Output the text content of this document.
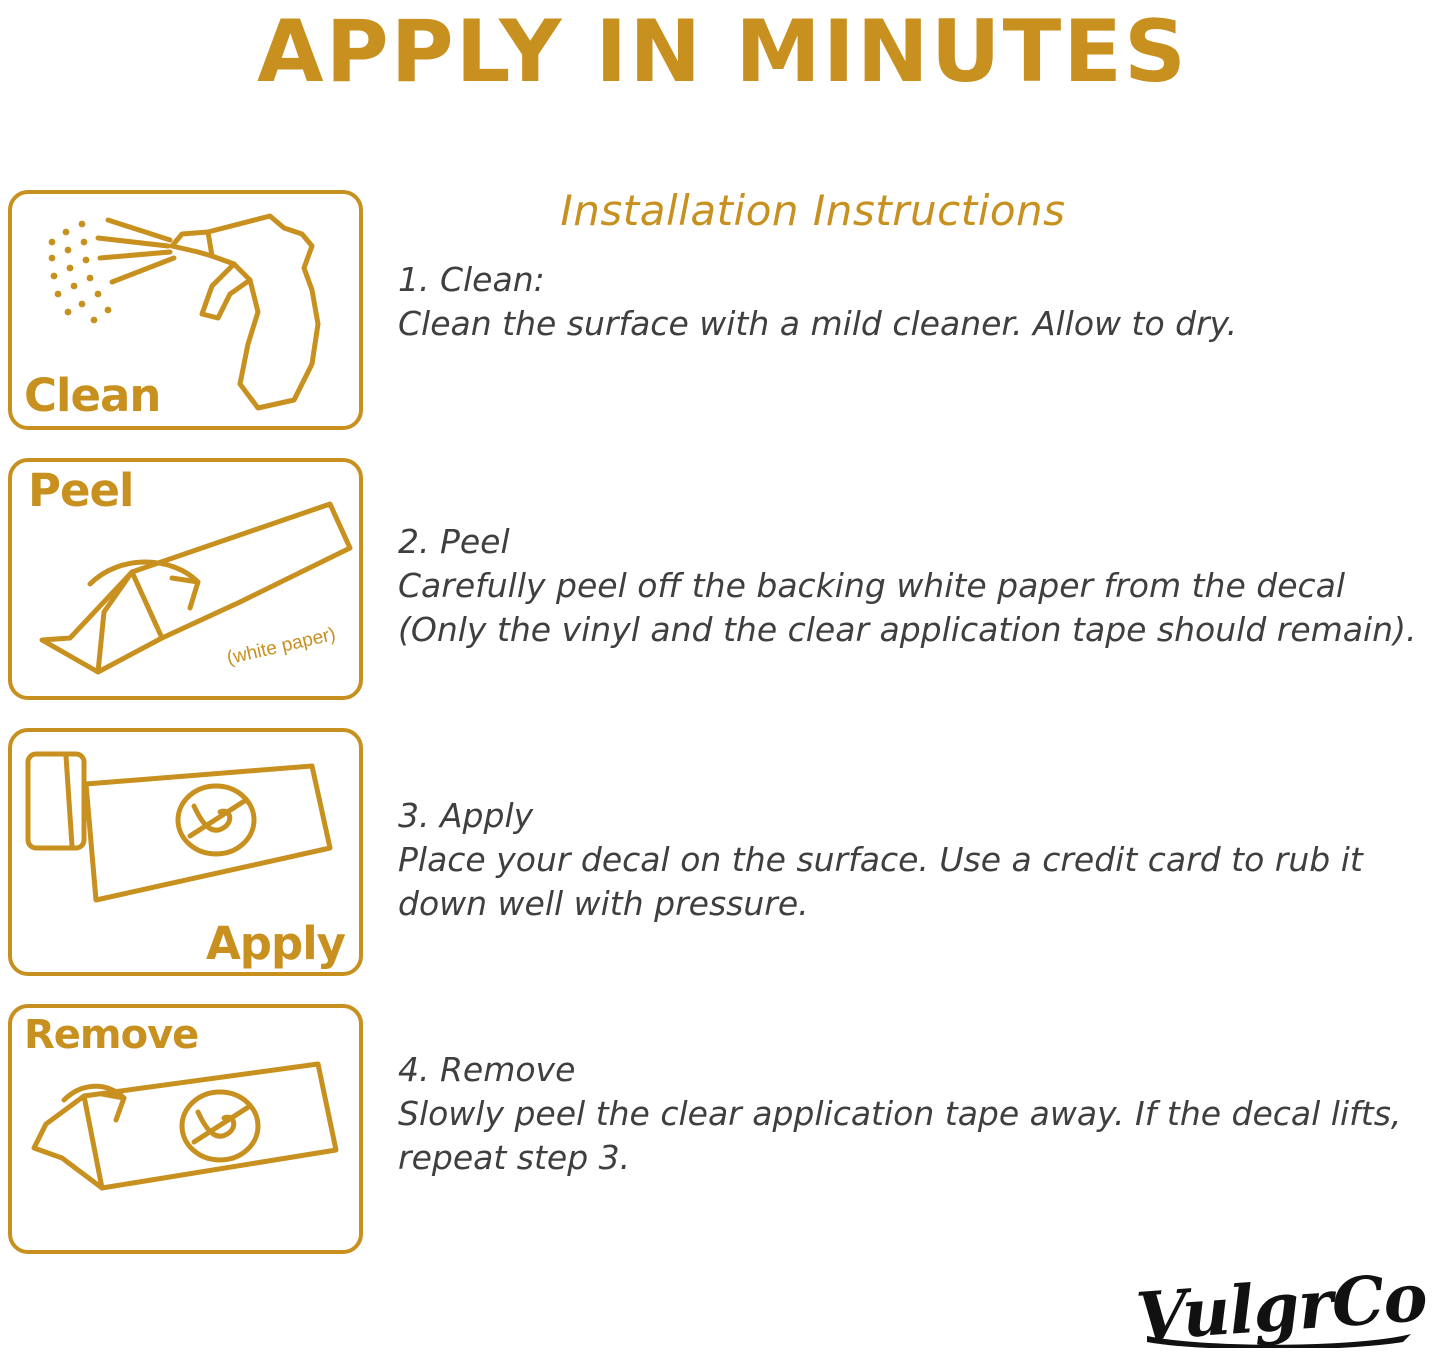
APPLY IN MINUTES
Clean
Peel
(white paper)
Apply
Remove
Installation Instructions
1. Clean:
Clean the surface with a mild cleaner. Allow to dry.
2. Peel
Carefully peel off the backing white paper from the decal (Only the vinyl and the clear application tape should remain).
3. Apply
Place your decal on the surface. Use a credit card to rub it down well with pressure.
4. Remove
Slowly peel the clear application tape away. If the decal lifts, repeat step 3.
VulgrCo
